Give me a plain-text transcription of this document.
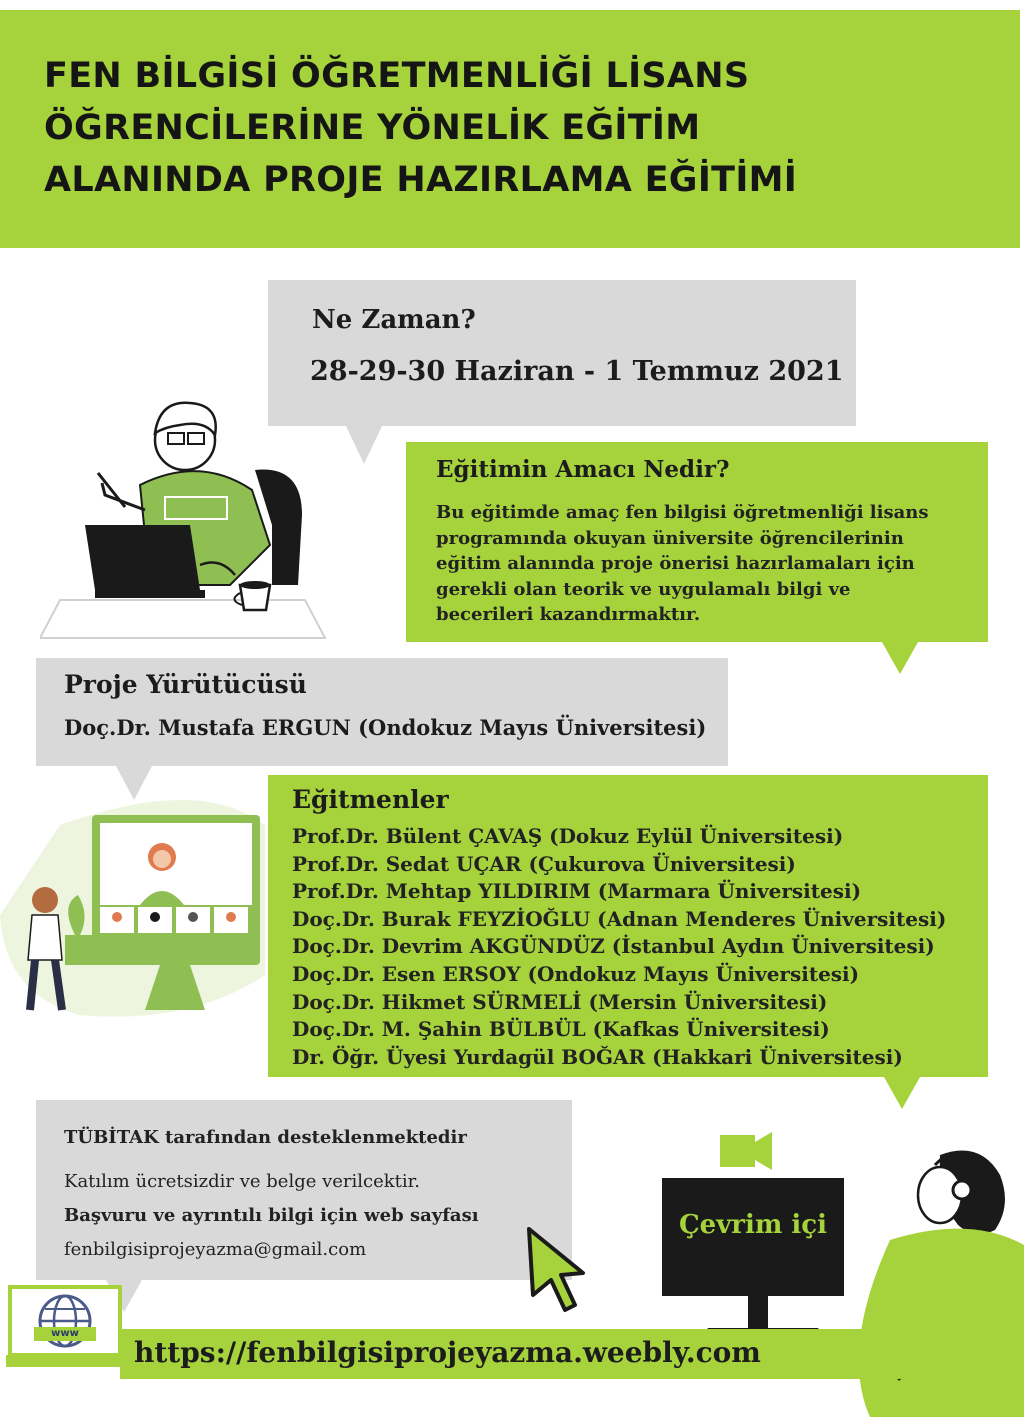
FEN BİLGİSİ ÖĞRETMENLİĞİ LİSANS
ÖĞRENCİLERİNE YÖNELİK EĞİTİM
ALANINDA PROJE HAZIRLAMA EĞİTİMİ
Ne Zaman?
28-29-30 Haziran - 1 Temmuz 2021
Eğitimin Amacı Nedir?
Bu eğitimde amaç fen bilgisi öğretmenliği lisans
programında okuyan üniversite öğrencilerinin
eğitim alanında proje önerisi hazırlamaları için
gerekli olan teorik ve uygulamalı bilgi ve
becerileri kazandırmaktır.
Proje Yürütücüsü
Doç.Dr. Mustafa ERGUN (Ondokuz Mayıs Üniversitesi)
Eğitmenler
Prof.Dr. Bülent ÇAVAŞ (Dokuz Eylül Üniversitesi)
Prof.Dr. Sedat UÇAR (Çukurova Üniversitesi)
Prof.Dr. Mehtap YILDIRIM (Marmara Üniversitesi)
Doç.Dr. Burak FEYZİOĞLU (Adnan Menderes Üniversitesi)
Doç.Dr. Devrim AKGÜNDÜZ (İstanbul Aydın Üniversitesi)
Doç.Dr. Esen ERSOY (Ondokuz Mayıs Üniversitesi)
Doç.Dr. Hikmet SÜRMELİ (Mersin Üniversitesi)
Doç.Dr. M. Şahin BÜLBÜL (Kafkas Üniversitesi)
Dr. Öğr. Üyesi Yurdagül BOĞAR (Hakkari Üniversitesi)
TÜBİTAK tarafından desteklenmektedir
Katılım ücretsizdir ve belge verilcektir.
Başvuru ve ayrıntılı bilgi için web sayfası
fenbilgisiprojeyazma@gmail.com
Çevrim içi
https://fenbilgisiprojeyazma.weebly.com
www
